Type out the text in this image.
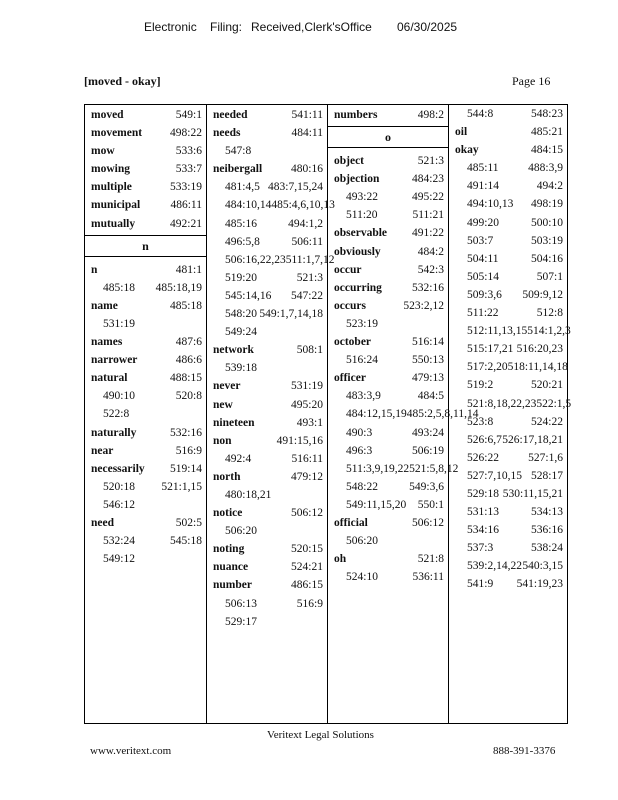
Electronic Filing: Received,Clerk'sOffice 06/30/2025
[moved - okay]	Page 16
moved	549:1
movement 498:22
mow	533:6
mowing	533:7
multiple	533:19
municipal	486:11
mutually	492:21
n
n	481:1
485:18 485:18,19
name	485:18
531:19
names	487:6
narrower	486:6
natural	488:15
490:10	520:8
522:8
naturally	532:16
near	516:9
necessarily 519:14
520:18 521:1,15
546:12
need	502:5
532:24	545:18
549:12
needed	541:11
needs	484:11
547:8
neibergall	480:16
481:4,5 483:7,15,24
484:10,14 485:4,6,10,13
485:16	494:1,2
496:5,8	506:11
506:16,22,23 511:1,7,12
519:20	521:3
545:14,16 547:22
548:20 549:1,7,14,18
549:24
network	508:1
539:18
never	531:19
new	495:20
nineteen	493:1
non	491:15,16
492:4	516:11
north	479:12
480:18,21
notice	506:12
506:20
noting	520:15
nuance	524:21
number	486:15
506:13	516:9
529:17
numbers	498:2
o
object	521:3
objection	484:23
493:22	495:22
511:20	511:21
observable 491:22
obviously	484:2
occur	542:3
occurring	532:16
occurs	523:2,12
523:19
october	516:14
516:24	550:13
officer	479:13
483:3,9	484:5
484:12,15,19 485:2,5,8,11,14
490:3	493:24
496:3	506:19
511:3,9,19,22 521:5,8,12
548:22	549:3,6
549:11,15,20 550:1
official	506:12
506:20
oh	521:8
524:10	536:11
544:8	548:23
oil	485:21
okay	484:15
485:11	488:3,9
491:14	494:2
494:10,13 498:19
499:20	500:10
503:7	503:19
504:11	504:16
505:14	507:1
509:3,6 509:9,12
511:22	512:8
512:11,13,15 514:1,2,3
515:17,21 516:20,23
517:2,20 518:11,14,18
519:2	520:21
521:8,18,22,23 522:1,5
523:8	524:22
526:6,7 526:17,18,21
526:22	527:1,6
527:7,10,15 528:17
529:18 530:11,15,21
531:13	534:13
534:16	536:16
537:3	538:24
539:2,14,22 540:3,15
541:9 541:19,23
Veritext Legal Solutions
www.veritext.com	888-391-3376
